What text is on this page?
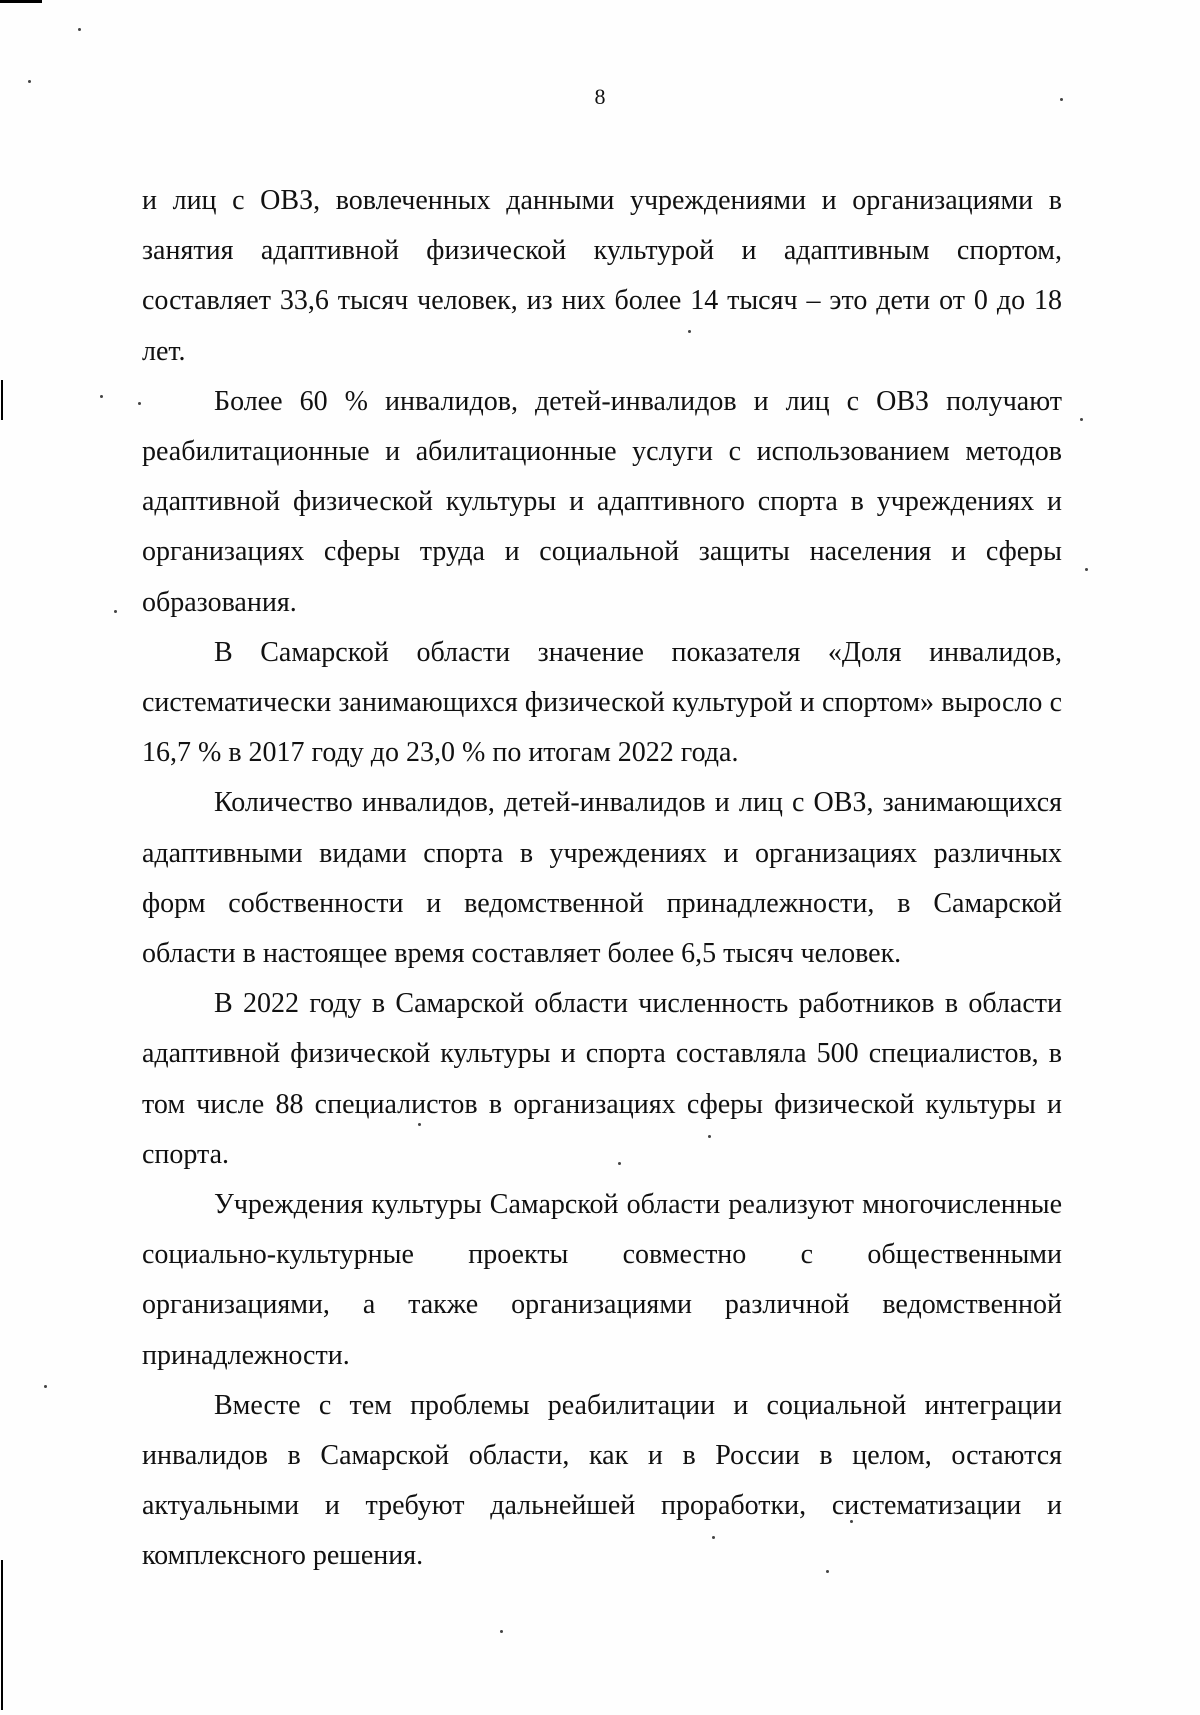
8

и лиц с ОВЗ, вовлеченных данными учреждениями и организациями в занятия адаптивной физической культурой и адаптивным спортом, составляет 33,6 тысяч человек, из них более 14 тысяч – это дети от 0 до 18 лет.

Более 60 % инвалидов, детей-инвалидов и лиц с ОВЗ получают реабилитационные и абилитационные услуги с использованием методов адаптивной физической культуры и адаптивного спорта в учреждениях и организациях сферы труда и социальной защиты населения и сферы образования.

В Самарской области значение показателя «Доля инвалидов, систематически занимающихся физической культурой и спортом» выросло с 16,7 % в 2017 году до 23,0 % по итогам 2022 года.

Количество инвалидов, детей-инвалидов и лиц с ОВЗ, занимающихся адаптивными видами спорта в учреждениях и организациях различных форм собственности и ведомственной принадлежности, в Самарской области в настоящее время составляет более 6,5 тысяч человек.

В 2022 году в Самарской области численность работников в области адаптивной физической культуры и спорта составляла 500 специалистов, в том числе 88 специалистов в организациях сферы физической культуры и спорта.

Учреждения культуры Самарской области реализуют многочисленные социально-культурные проекты совместно с общественными организациями, а также организациями различной ведомственной принадлежности.

Вместе с тем проблемы реабилитации и социальной интеграции инвалидов в Самарской области, как и в России в целом, остаются актуальными и требуют дальнейшей проработки, систематизации и комплексного решения.
